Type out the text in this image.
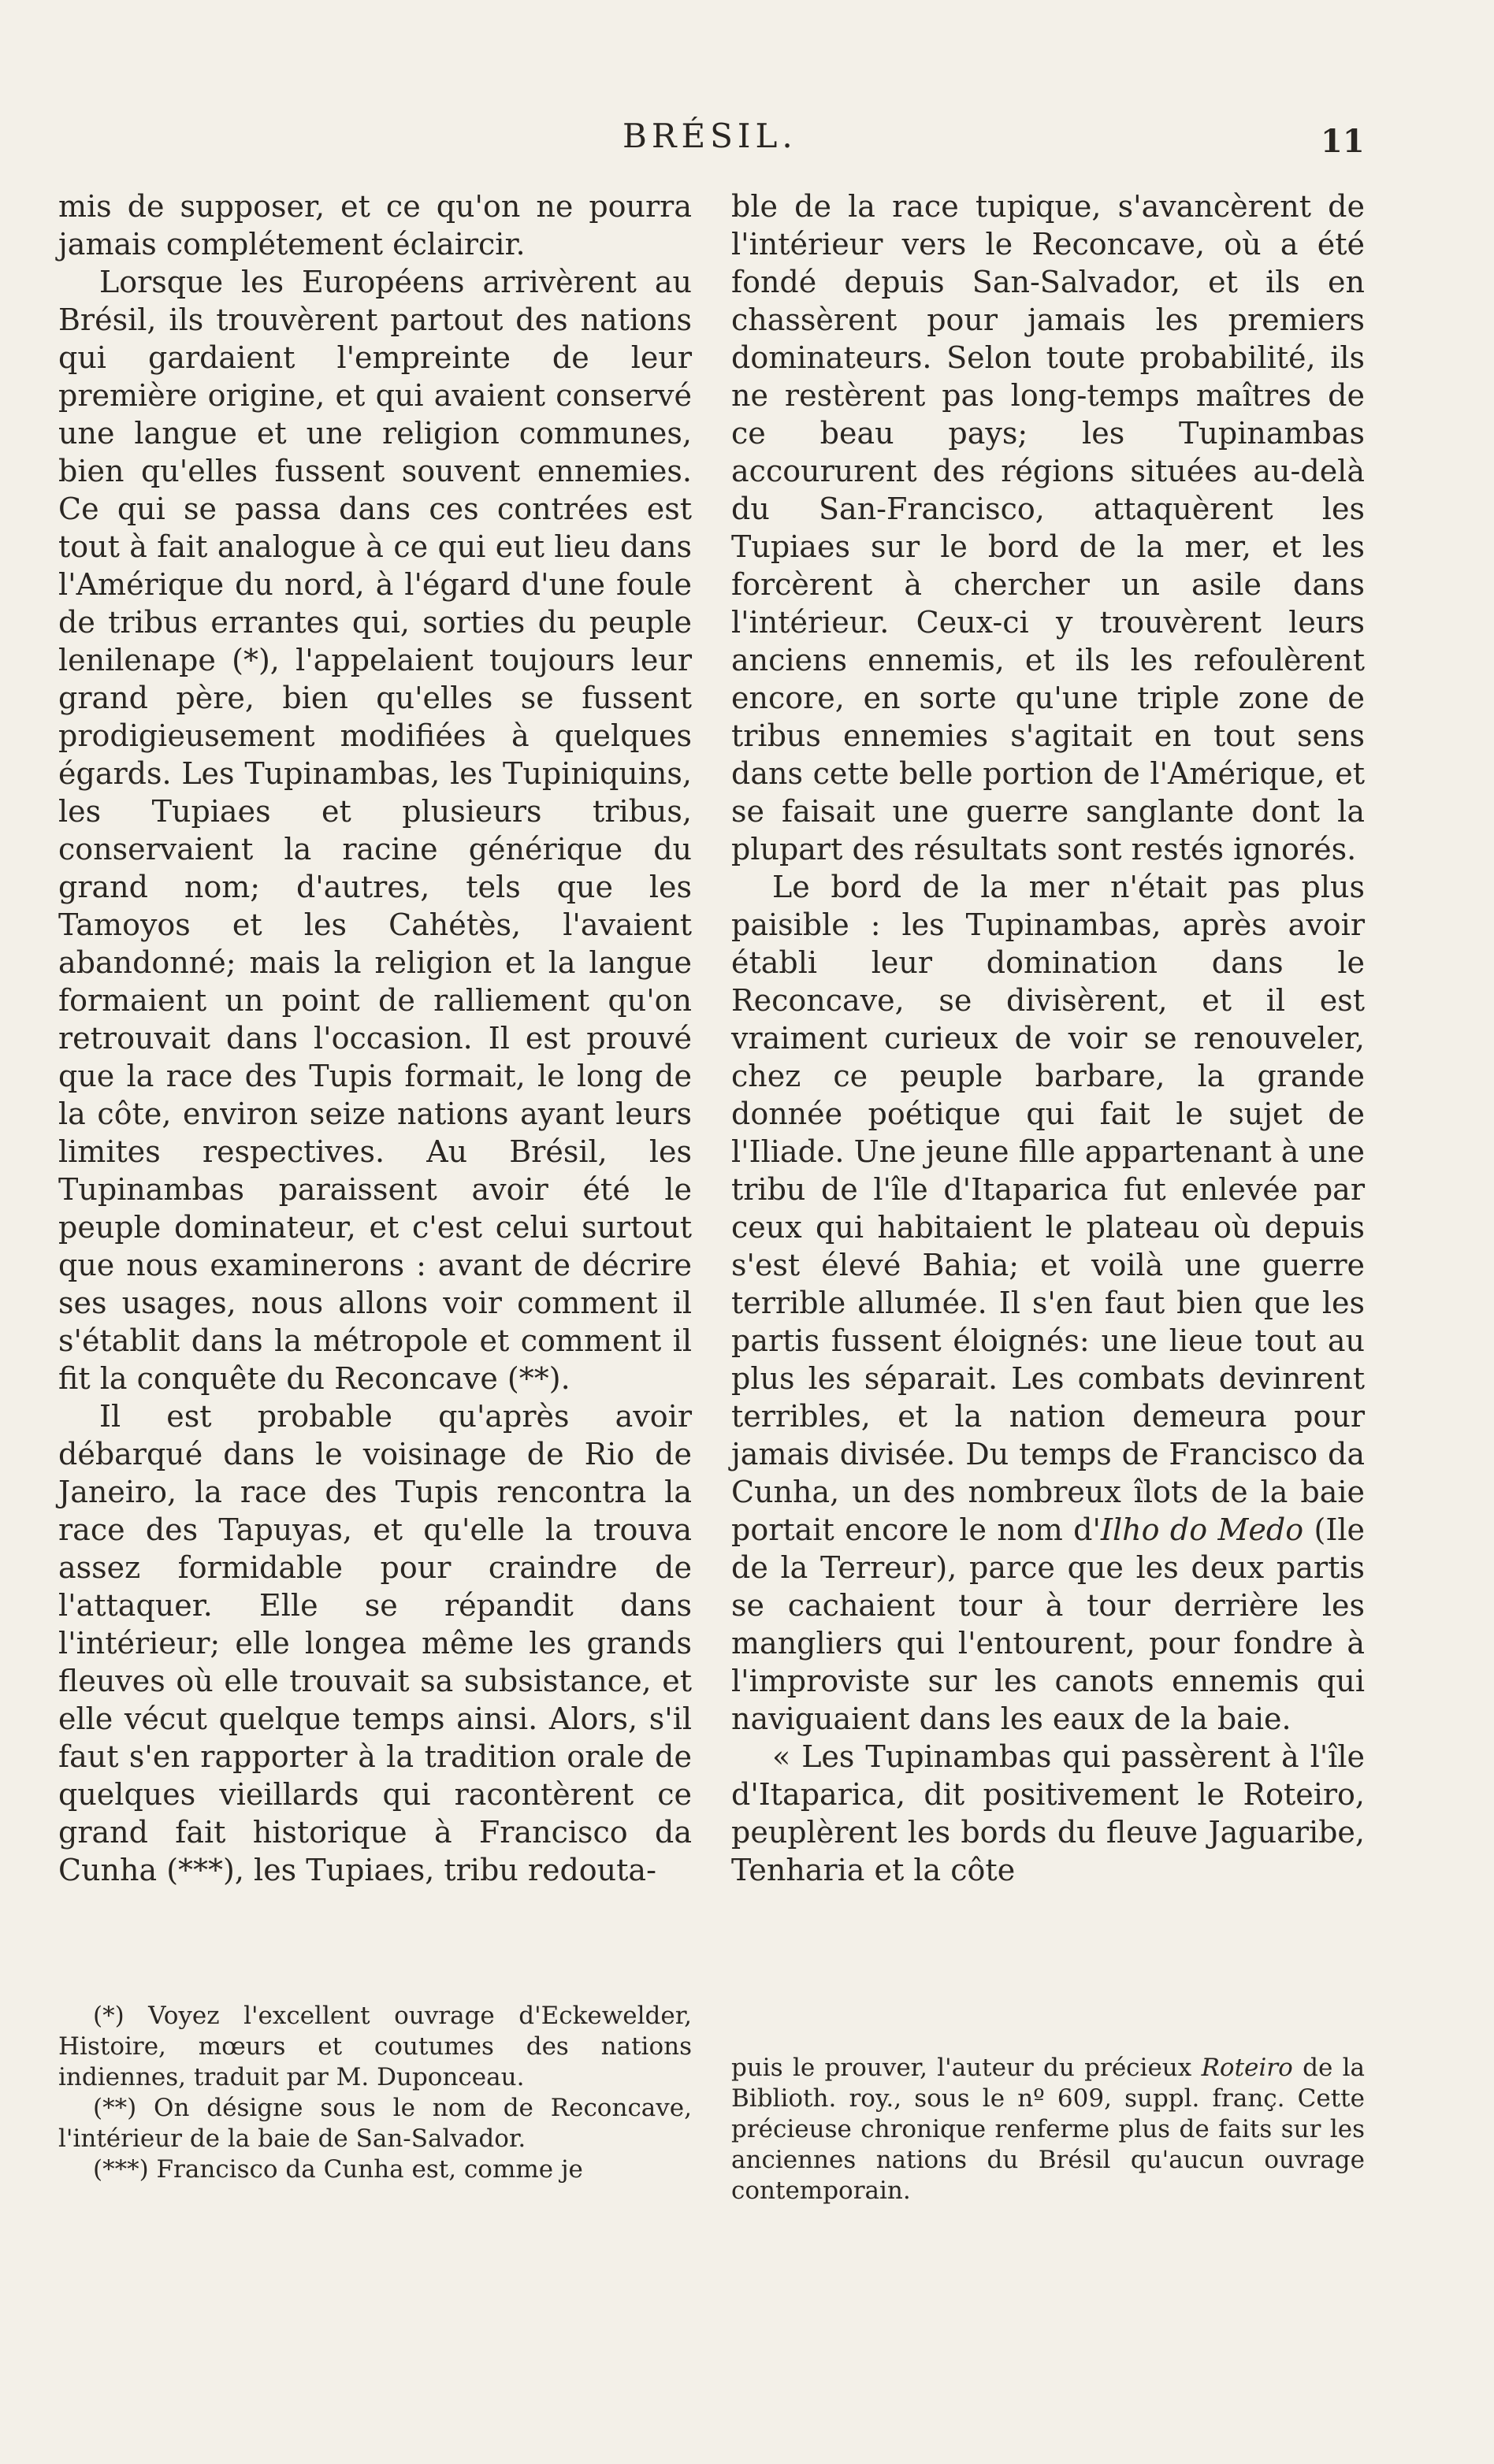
BRÉSIL.	11

mis de supposer, et ce qu'on ne pourra jamais complétement éclaircir.

Lorsque les Européens arrivèrent au Brésil, ils trouvèrent partout des nations qui gardaient l'empreinte de leur première origine, et qui avaient conservé une langue et une religion communes, bien qu'elles fussent souvent ennemies. Ce qui se passa dans ces contrées est tout à fait analogue à ce qui eut lieu dans l'Amérique du nord, à l'égard d'une foule de tribus errantes qui, sorties du peuple lenilenape (*), l'appelaient toujours leur grand père, bien qu'elles se fussent prodigieusement modifiées à quelques égards. Les Tupinambas, les Tupiniquins, les Tupiaes et plusieurs tribus, conservaient la racine générique du grand nom; d'autres, tels que les Tamoyos et les Cahétès, l'avaient abandonné; mais la religion et la langue formaient un point de ralliement qu'on retrouvait dans l'occasion. Il est prouvé que la race des Tupis formait, le long de la côte, environ seize nations ayant leurs limites respectives. Au Brésil, les Tupinambas paraissent avoir été le peuple dominateur, et c'est celui surtout que nous examinerons : avant de décrire ses usages, nous allons voir comment il s'établit dans la métropole et comment il fit la conquête du Reconcave (**).

Il est probable qu'après avoir débarqué dans le voisinage de Rio de Janeiro, la race des Tupis rencontra la race des Tapuyas, et qu'elle la trouva assez formidable pour craindre de l'attaquer. Elle se répandit dans l'intérieur; elle longea même les grands fleuves où elle trouvait sa subsistance, et elle vécut quelque temps ainsi. Alors, s'il faut s'en rapporter à la tradition orale de quelques vieillards qui racontèrent ce grand fait historique à Francisco da Cunha (***), les Tupiaes, tribu redouta-

ble de la race tupique, s'avancèrent de l'intérieur vers le Reconcave, où a été fondé depuis San-Salvador, et ils en chassèrent pour jamais les premiers dominateurs. Selon toute probabilité, ils ne restèrent pas long-temps maîtres de ce beau pays; les Tupinambas accoururent des régions situées au-delà du San-Francisco, attaquèrent les Tupiaes sur le bord de la mer, et les forcèrent à chercher un asile dans l'intérieur. Ceux-ci y trouvèrent leurs anciens ennemis, et ils les refoulèrent encore, en sorte qu'une triple zone de tribus ennemies s'agitait en tout sens dans cette belle portion de l'Amérique, et se faisait une guerre sanglante dont la plupart des résultats sont restés ignorés.

Le bord de la mer n'était pas plus paisible : les Tupinambas, après avoir établi leur domination dans le Reconcave, se divisèrent, et il est vraiment curieux de voir se renouveler, chez ce peuple barbare, la grande donnée poétique qui fait le sujet de l'Iliade. Une jeune fille appartenant à une tribu de l'île d'Itaparica fut enlevée par ceux qui habitaient le plateau où depuis s'est élevé Bahia; et voilà une guerre terrible allumée. Il s'en faut bien que les partis fussent éloignés: une lieue tout au plus les séparait. Les combats devinrent terribles, et la nation demeura pour jamais divisée. Du temps de Francisco da Cunha, un des nombreux îlots de la baie portait encore le nom d'Ilho do Medo (Ile de la Terreur), parce que les deux partis se cachaient tour à tour derrière les mangliers qui l'entourent, pour fondre à l'improviste sur les canots ennemis qui naviguaient dans les eaux de la baie.

« Les Tupinambas qui passèrent à l'île d'Itaparica, dit positivement le Roteiro, peuplèrent les bords du fleuve Jaguaribe, Tenharia et la côte

(*) Voyez l'excellent ouvrage d'Eckewelder, Histoire, mœurs et coutumes des nations indiennes, traduit par M. Duponceau.

(**) On désigne sous le nom de Reconcave, l'intérieur de la baie de San-Salvador.

(***) Francisco da Cunha est, comme je

puis le prouver, l'auteur du précieux Roteiro de la Biblioth. roy., sous le nº 609, suppl. franç. Cette précieuse chronique renferme plus de faits sur les anciennes nations du Brésil qu'aucun ouvrage contemporain.
